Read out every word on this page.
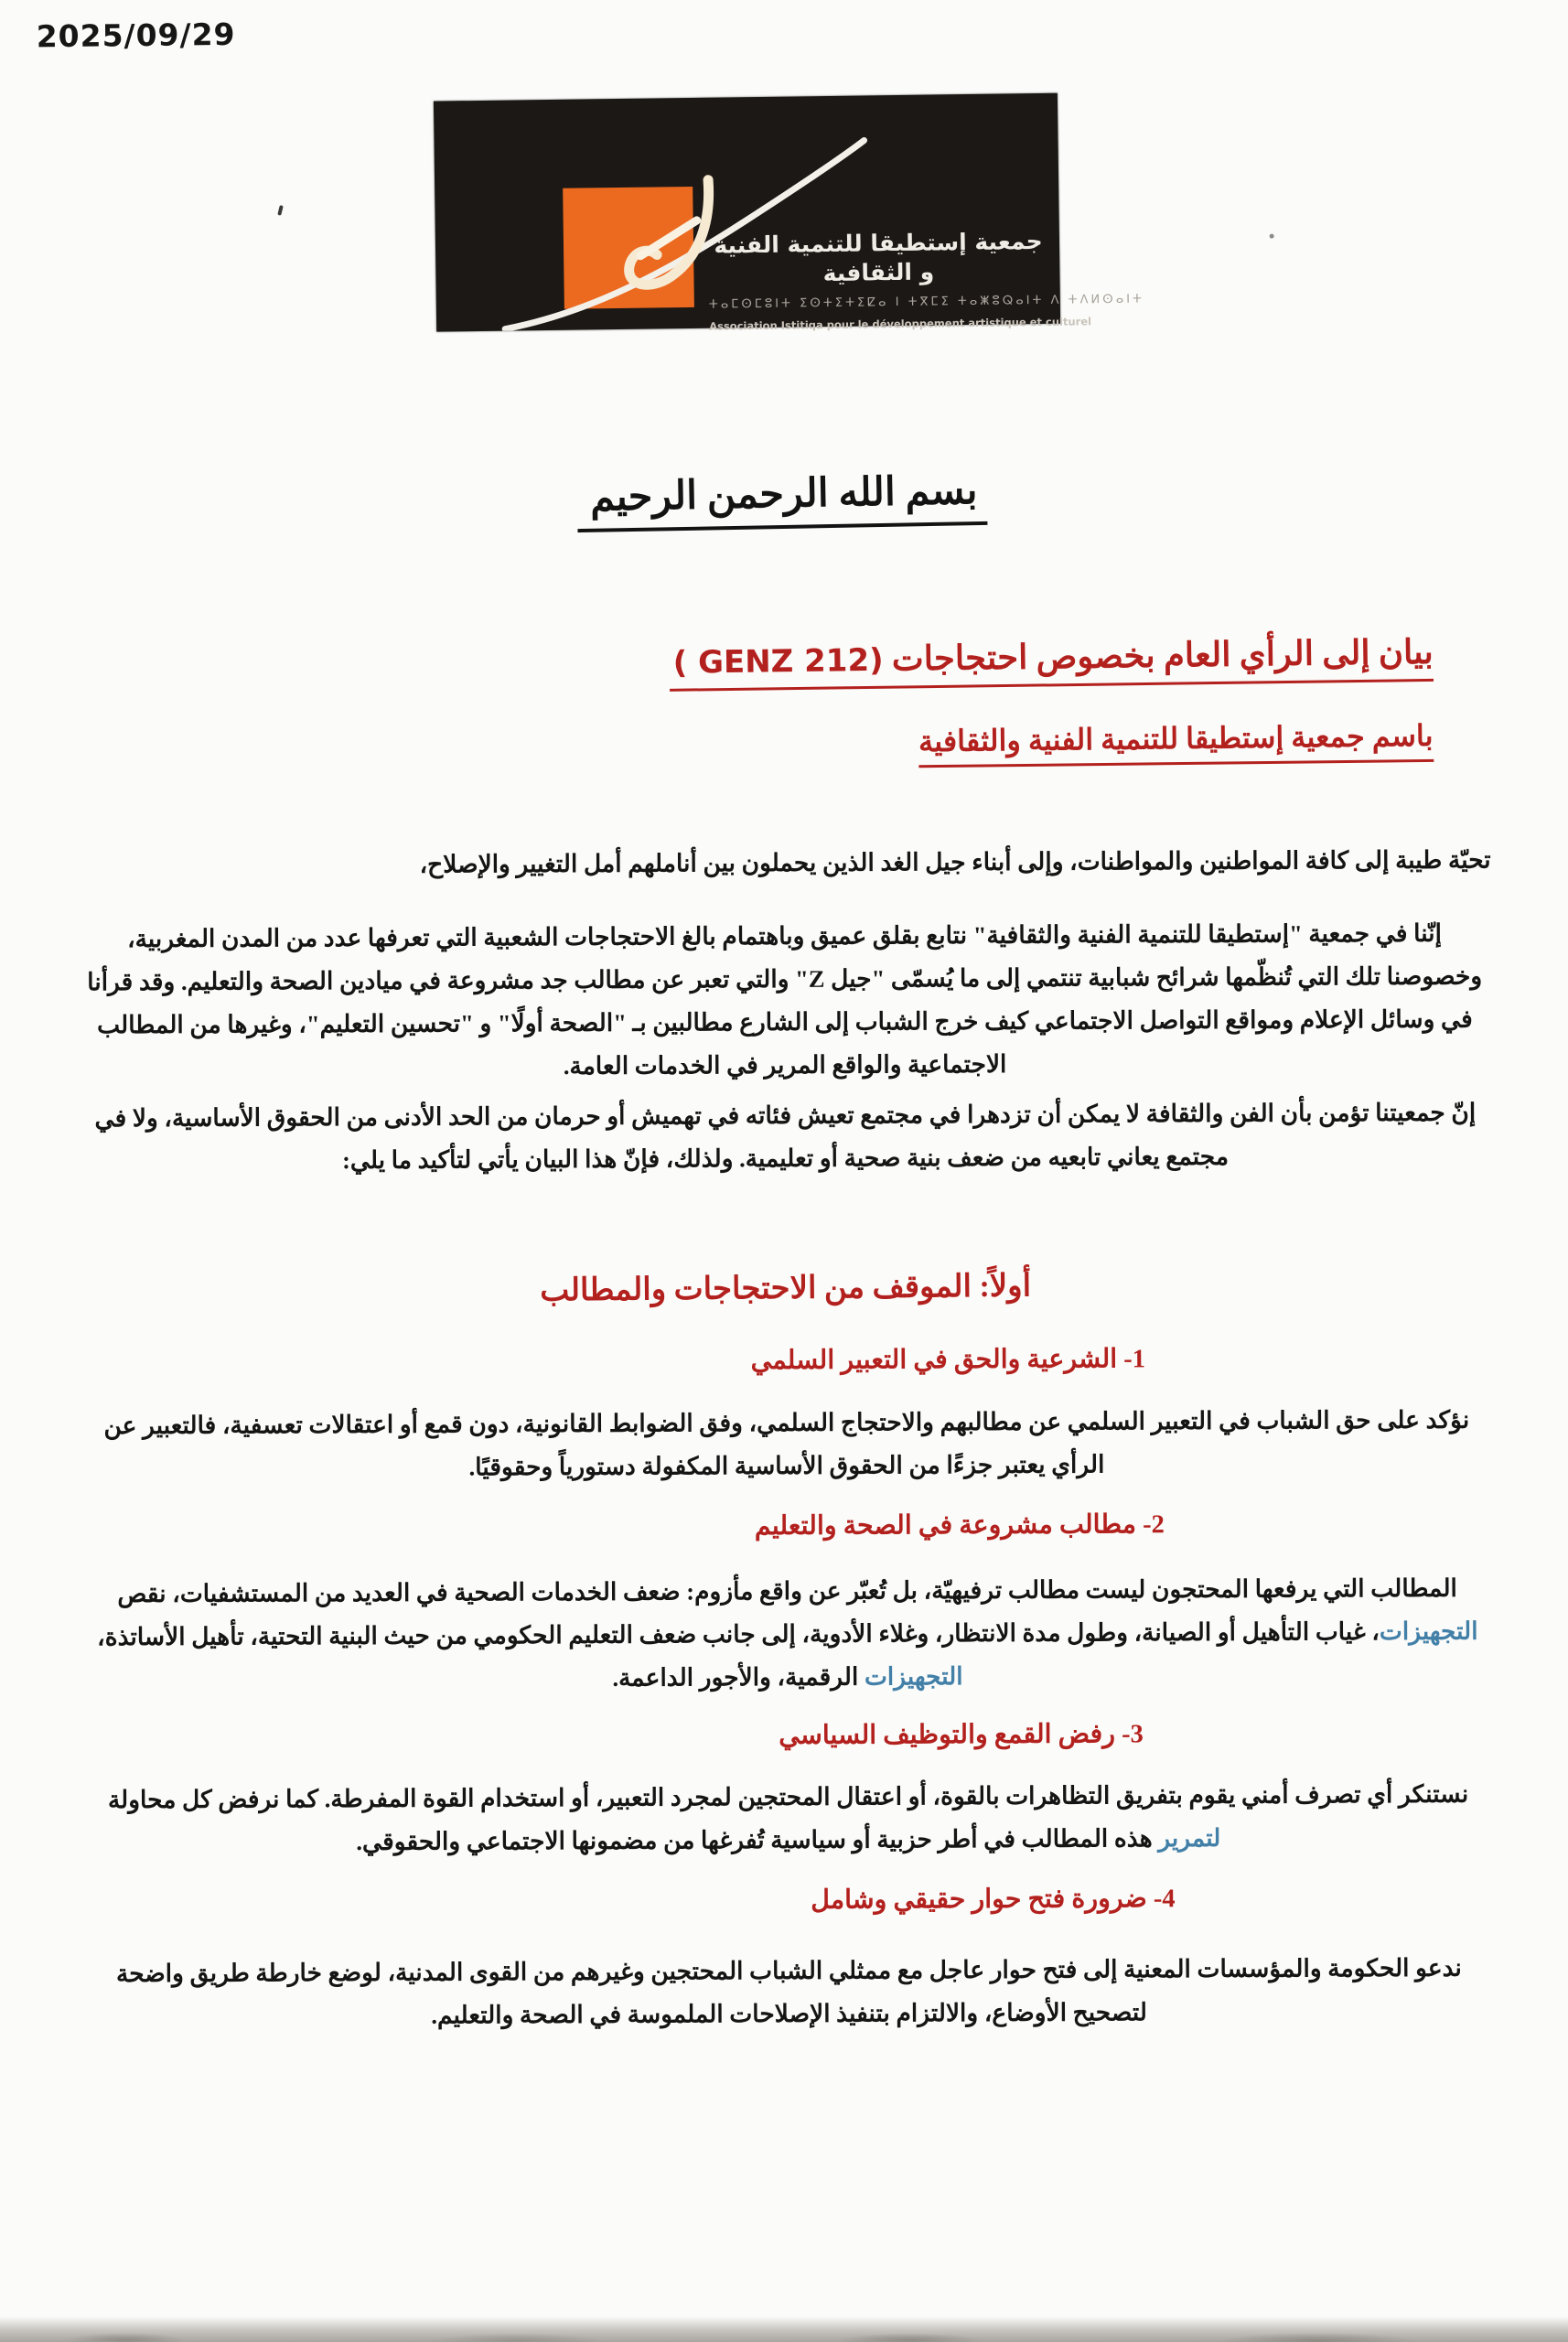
2025/09/29
جمعية إستطيقا للتنمية الفنية و الثقافية
ⵜⴰⵎⵙⵎⵓⵏⵜ ⵉⵙⵜⵉⵜⵉⵇⴰ ⵏ ⵜⴳⵎⵉ ⵜⴰⵥⵓⵕⴰⵏⵜ ⴷ ⵜⴷⵍⵙⴰⵏⵜ
Association Istitiqa pour le développement artistique et culturel
بسم الله الرحمن الرحيم
بيان إلى الرأي العام بخصوص احتجاجات ( GENZ 212)
باسم جمعية إستطيقا للتنمية الفنية والثقافية
تحيّة طيبة إلى كافة المواطنين والمواطنات، وإلى أبناء جيل الغد الذين يحملون بين أناملهم أمل التغيير والإصلاح،
إنّنا في جمعية "إستطيقا للتنمية الفنية والثقافية" نتابع بقلق عميق وباهتمام بالغ الاحتجاجات الشعبية التي تعرفها عدد من المدن المغربية، وخصوصنا تلك التي تُنظّمها شرائح شبابية تنتمي إلى ما يُسمّى "جيل Z" والتي تعبر عن مطالب جد مشروعة في ميادين الصحة والتعليم. وقد قرأنا في وسائل الإعلام ومواقع التواصل الاجتماعي كيف خرج الشباب إلى الشارع مطالبين بـ "الصحة أولًا" و "تحسين التعليم"، وغيرها من المطالب الاجتماعية والواقع المرير في الخدمات العامة.
إنّ جمعيتنا تؤمن بأن الفن والثقافة لا يمكن أن تزدهرا في مجتمع تعيش فئاته في تهميش أو حرمان من الحد الأدنى من الحقوق الأساسية، ولا في مجتمع يعاني تابعيه من ضعف بنية صحية أو تعليمية. ولذلك، فإنّ هذا البيان يأتي لتأكيد ما يلي:
أولاً: الموقف من الاحتجاجات والمطالب
1- الشرعية والحق في التعبير السلمي
نؤكد على حق الشباب في التعبير السلمي عن مطالبهم والاحتجاج السلمي، وفق الضوابط القانونية، دون قمع أو اعتقالات تعسفية، فالتعبير عن الرأي يعتبر جزءًا من الحقوق الأساسية المكفولة دستورياً وحقوقيًا.
2- مطالب مشروعة في الصحة والتعليم
المطالب التي يرفعها المحتجون ليست مطالب ترفيهيّة، بل تُعبّر عن واقع مأزوم: ضعف الخدمات الصحية في العديد من المستشفيات، نقص التجهيزات، غياب التأهيل أو الصيانة، وطول مدة الانتظار، وغلاء الأدوية، إلى جانب ضعف التعليم الحكومي من حيث البنية التحتية، تأهيل الأساتذة، التجهيزات الرقمية، والأجور الداعمة.
3- رفض القمع والتوظيف السياسي
نستنكر أي تصرف أمني يقوم بتفريق التظاهرات بالقوة، أو اعتقال المحتجين لمجرد التعبير، أو استخدام القوة المفرطة. كما نرفض كل محاولة لتمرير هذه المطالب في أطر حزبية أو سياسية تُفرغها من مضمونها الاجتماعي والحقوقي.
4- ضرورة فتح حوار حقيقي وشامل
ندعو الحكومة والمؤسسات المعنية إلى فتح حوار عاجل مع ممثلي الشباب المحتجين وغيرهم من القوى المدنية، لوضع خارطة طريق واضحة لتصحيح الأوضاع، والالتزام بتنفيذ الإصلاحات الملموسة في الصحة والتعليم.
